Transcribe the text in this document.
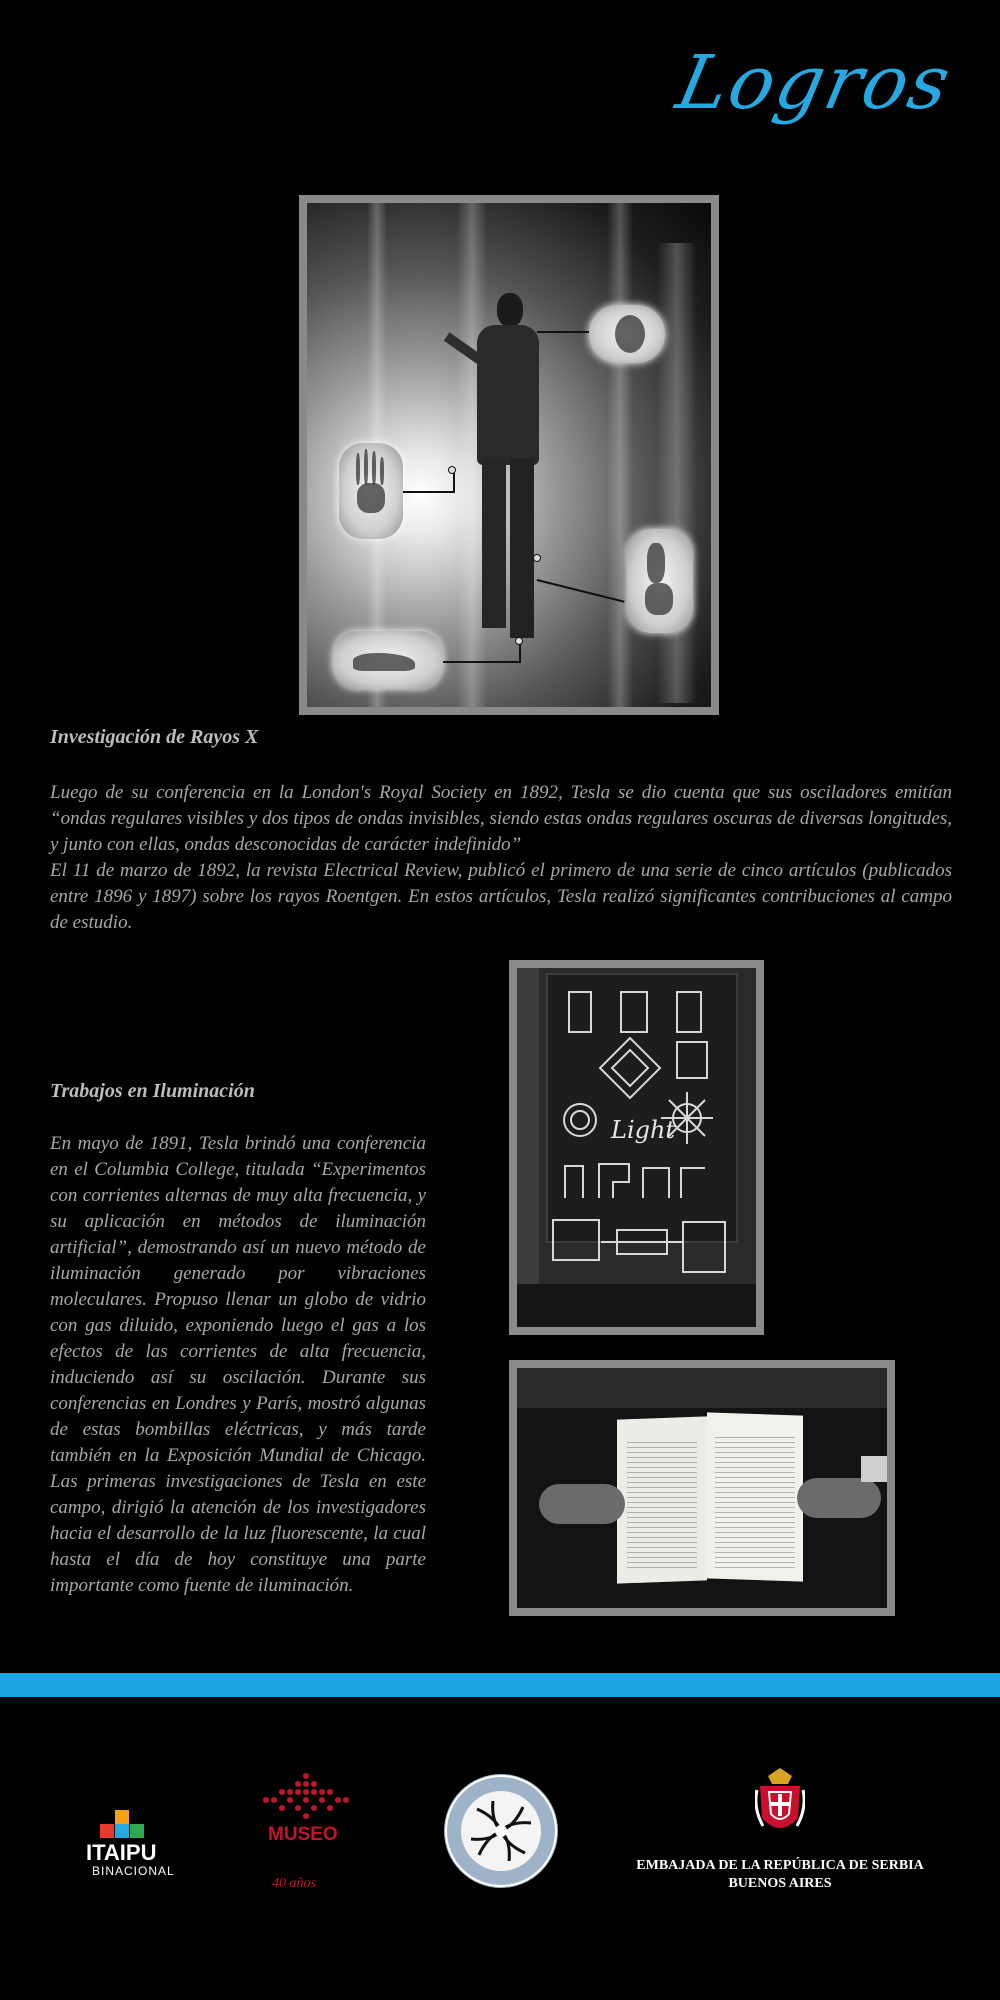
Logros
Investigación de Rayos X
Luego de su conferencia en la London's Royal Society en 1892, Tesla se dio cuenta que sus osciladores emitían “ondas regulares visibles y dos tipos de ondas invisibles, siendo estas ondas regulares oscuras de diversas longitudes, y junto con ellas, ondas desconocidas de carácter indefinido”
El 11 de marzo de 1892, la revista Electrical Review, publicó el primero de una serie de cinco artículos (publicados entre 1896 y 1897) sobre los rayos Roentgen. En estos artículos, Tesla realizó significantes contribuciones al campo de estudio.
Trabajos en Iluminación
En mayo de 1891, Tesla brindó una conferencia en el Columbia College, titulada “Experimentos con corrientes alternas de muy alta frecuencia, y su aplicación en métodos de iluminación artificial”, demostrando así un nuevo método de iluminación generado por vibraciones moleculares. Propuso llenar un globo de vidrio con gas diluido, exponiendo luego el gas a los efectos de las corrientes de alta frecuencia, induciendo así su oscilación. Durante sus conferencias en Londres y París, mostró algunas de estas bombillas eléctricas, y más tarde también en la Exposición Mundial de Chicago. Las primeras investigaciones de Tesla en este campo, dirigió la atención de los investigadores hacia el desarrollo de la luz fluorescente, la cual hasta el día de hoy constituye una parte importante como fuente de iluminación.
Light
ITAIPU
BINACIONAL
MUSEO
40 años
EMBAJADA DE LA REPÚBLICA DE SERBIA
BUENOS AIRES
